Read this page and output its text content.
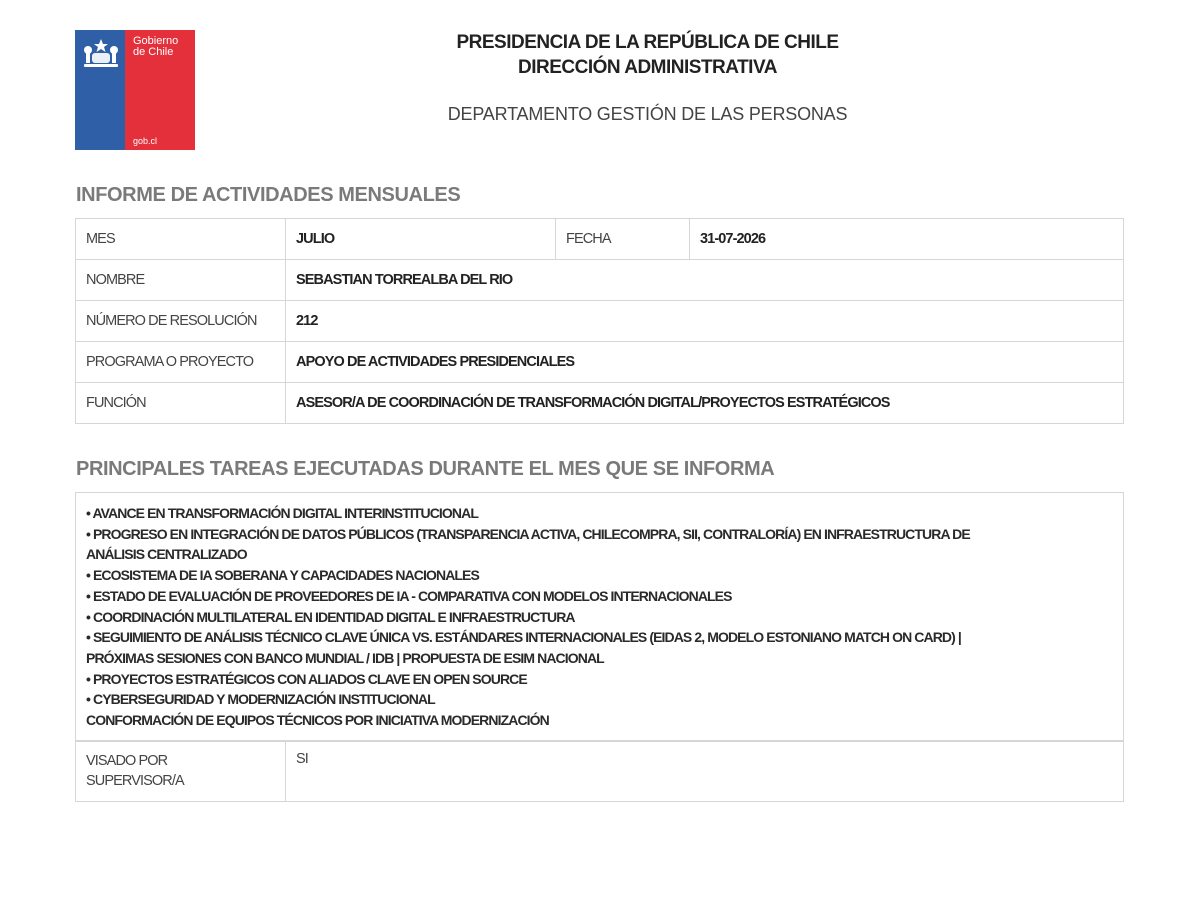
Gobierno
de Chile
gob.cl
PRESIDENCIA DE LA REPÚBLICA DE CHILE
DIRECCIÓN ADMINISTRATIVA
DEPARTAMENTO GESTIÓN DE LAS PERSONAS
INFORME DE ACTIVIDADES MENSUALES
MES	JULIO	FECHA	31-07-2026
NOMBRE	SEBASTIAN TORREALBA DEL RIO		
NÚMERO DE RESOLUCIÓN	212		
PROGRAMA O PROYECTO	APOYO DE ACTIVIDADES PRESIDENCIALES		
FUNCIÓN	ASESOR/A DE COORDINACIÓN DE TRANSFORMACIÓN DIGITAL/PROYECTOS ESTRATÉGICOS		
PRINCIPALES TAREAS EJECUTADAS DURANTE EL MES QUE SE INFORMA
• AVANCE EN TRANSFORMACIÓN DIGITAL INTERINSTITUCIONAL
• PROGRESO EN INTEGRACIÓN DE DATOS PÚBLICOS (TRANSPARENCIA ACTIVA, CHILECOMPRA, SII, CONTRALORÍA) EN INFRAESTRUCTURA DE
ANÁLISIS CENTRALIZADO
• ECOSISTEMA DE IA SOBERANA Y CAPACIDADES NACIONALES
• ESTADO DE EVALUACIÓN DE PROVEEDORES DE IA - COMPARATIVA CON MODELOS INTERNACIONALES
• COORDINACIÓN MULTILATERAL EN IDENTIDAD DIGITAL E INFRAESTRUCTURA
• SEGUIMIENTO DE ANÁLISIS TÉCNICO CLAVE ÚNICA VS. ESTÁNDARES INTERNACIONALES (EIDAS 2, MODELO ESTONIANO MATCH ON CARD) |
PRÓXIMAS SESIONES CON BANCO MUNDIAL / IDB | PROPUESTA DE ESIM NACIONAL
• PROYECTOS ESTRATÉGICOS CON ALIADOS CLAVE EN OPEN SOURCE
• CYBERSEGURIDAD Y MODERNIZACIÓN INSTITUCIONAL
CONFORMACIÓN DE EQUIPOS TÉCNICOS POR INICIATIVA MODERNIZACIÓN
VISADO POR
SUPERVISOR/A
	SI
